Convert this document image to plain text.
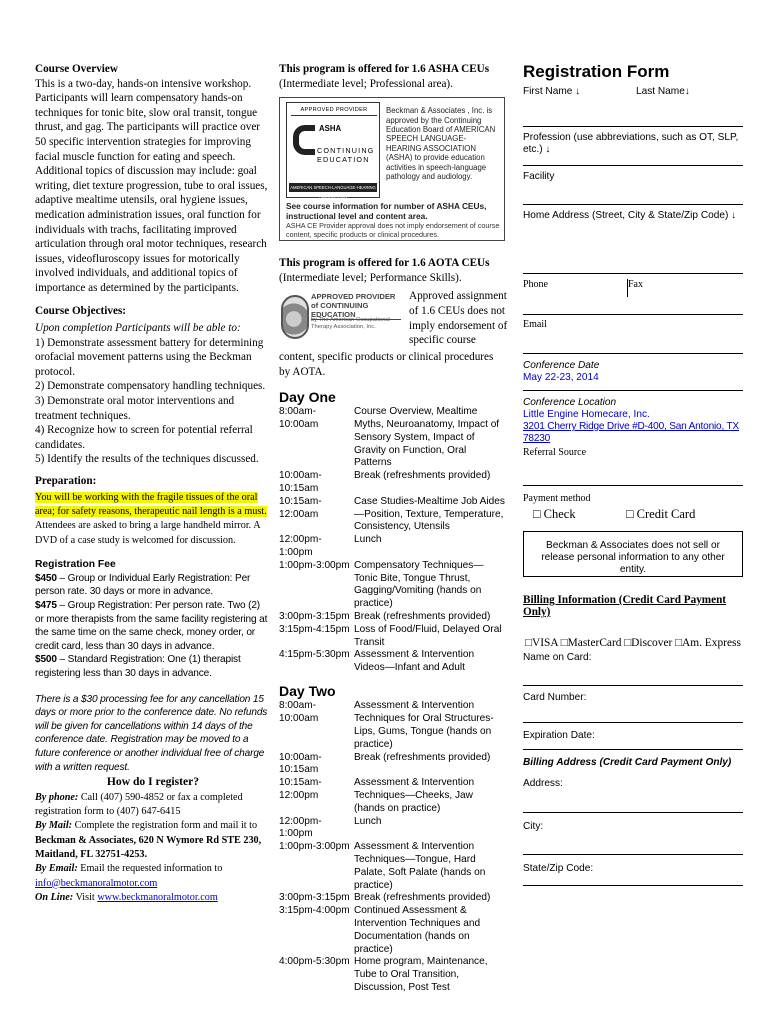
Course Overview
This is a two-day, hands-on intensive workshop. Participants will learn compensatory hands-on techniques for tonic bite, slow oral transit, tongue thrust, and gag. The participants will practice over 50 specific intervention strategies for improving facial muscle function for eating and speech. Additional topics of discussion may include: goal writing, diet texture progression, tube to oral issues, adaptive mealtime utensils, oral hygiene issues, medication administration issues, oral function for individuals with trachs, facilitating improved articulation through oral motor techniques, research issues, videofluroscopy issues for motorically involved individuals, and additional topics of importance as determined by the participants.
Course Objectives:
Upon completion Participants will be able to:
1) Demonstrate assessment battery for determining orofacial movement patterns using the Beckman protocol.
2) Demonstrate compensatory handling techniques.
3) Demonstrate oral motor interventions and treatment techniques.
4) Recognize how to screen for potential referral candidates.
5) Identify the results of the techniques discussed.
Preparation:
You will be working with the fragile tissues of the oral area; for safety reasons, therapeutic nail length is a must. Attendees are asked to bring a large handheld mirror. A DVD of a case study is welcomed for discussion.
Registration Fee
$450 – Group or Individual Early Registration: Per person rate. 30 days or more in advance.
$475 – Group Registration: Per person rate. Two (2) or more therapists from the same facility registering at the same time on the same check, money order, or credit card, less than 30 days in advance.
$500 – Standard Registration: One (1) therapist registering less than 30 days in advance.
There is a $30 processing fee for any cancellation 15 days or more prior to the conference date. No refunds will be given for cancellations within 14 days of the conference date. Registration may be moved to a future conference or another individual free of charge with a written request.
How do I register?
By phone: Call (407) 590-4852 or fax a completed registration form to (407) 647-6415
By Mail: Complete the registration form and mail it to
Beckman & Associates, 620 N Wymore Rd STE 230, Maitland, FL 32751-4253.
By Email: Email the requested information to
info@beckmanoralmotor.com
On Line: Visit www.beckmanoralmotor.com
This program is offered for 1.6 ASHA CEUs
(Intermediate level; Professional area).
APPROVED PROVIDER
ASHA
CONTINUING EDUCATION
AMERICAN SPEECH-LANGUAGE-HEARING ASSOCIATION
Beckman & Associates , Inc. is approved by the Continuing Education Board of AMERICAN SPEECH LANGUAGE-HEARING ASSOCIATION (ASHA) to provide education activities in speech-language pathology and audiology.
See course information for number of ASHA CEUs, instructional level and content area.
ASHA CE Provider approval does not imply endorsement of course content, specific products or clinical procedures.
This program is offered for 1.6 AOTA CEUs
(Intermediate level; Performance Skills).
APPROVED PROVIDER of CONTINUING EDUCATION
by The American Occupational Therapy Association, Inc.
Approved assignment of 1.6 CEUs does not imply endorsement of specific course
content, specific products or clinical procedures by AOTA.
Day One
8:00am-10:00am
Course Overview, Mealtime Myths, Neuroanatomy, Impact of Sensory System, Impact of Gravity on Function, Oral Patterns
10:00am-10:15am
Break (refreshments provided)
10:15am-12:00am
Case Studies-Mealtime Job Aides—Position, Texture, Temperature, Consistency, Utensils
12:00pm-1:00pm
Lunch
1:00pm-3:00pm Compensatory Techniques—Tonic Bite, Tongue Thrust, Gagging/Vomiting (hands on practice)
3:00pm-3:15pm Break (refreshments provided)
3:15pm-4:15pm Loss of Food/Fluid, Delayed Oral Transit
4:15pm-5:30pm Assessment & Intervention Videos—Infant and Adult
Day Two
8:00am-10:00am
Assessment & Intervention Techniques for Oral Structures-Lips, Gums, Tongue (hands on practice)
10:00am-10:15am
Break (refreshments provided)
10:15am-12:00pm
Assessment & Intervention Techniques—Cheeks, Jaw (hands on practice)
12:00pm-1:00pm
Lunch
1:00pm-3:00pm Assessment & Intervention Techniques—Tongue, Hard Palate, Soft Palate (hands on practice)
3:00pm-3:15pm Break (refreshments provided)
3:15pm-4:00pm Continued Assessment & Intervention Techniques and Documentation (hands on practice)
4:00pm-5:30pm Home program, Maintenance, Tube to Oral Transition, Discussion, Post Test
Registration Form
First Name ↓	Last Name↓
Profession (use abbreviations, such as OT, SLP, etc.) ↓
Facility
Home Address (Street, City & State/Zip Code) ↓
Phone	Fax
Email
Conference Date
May 22-23, 2014
Conference Location
Little Engine Homecare, Inc.
3201 Cherry Ridge Drive #D-400, San Antonio, TX 78230
Referral Source
Payment method
□ Check	□ Credit Card
Beckman & Associates does not sell or release personal information to any other entity.
Billing Information (Credit Card Payment Only)
□VISA □MasterCard □Discover □Am. Express
Name on Card:
Card Number:
Expiration Date:
Billing Address (Credit Card Payment Only)
Address:
City:
State/Zip Code:
